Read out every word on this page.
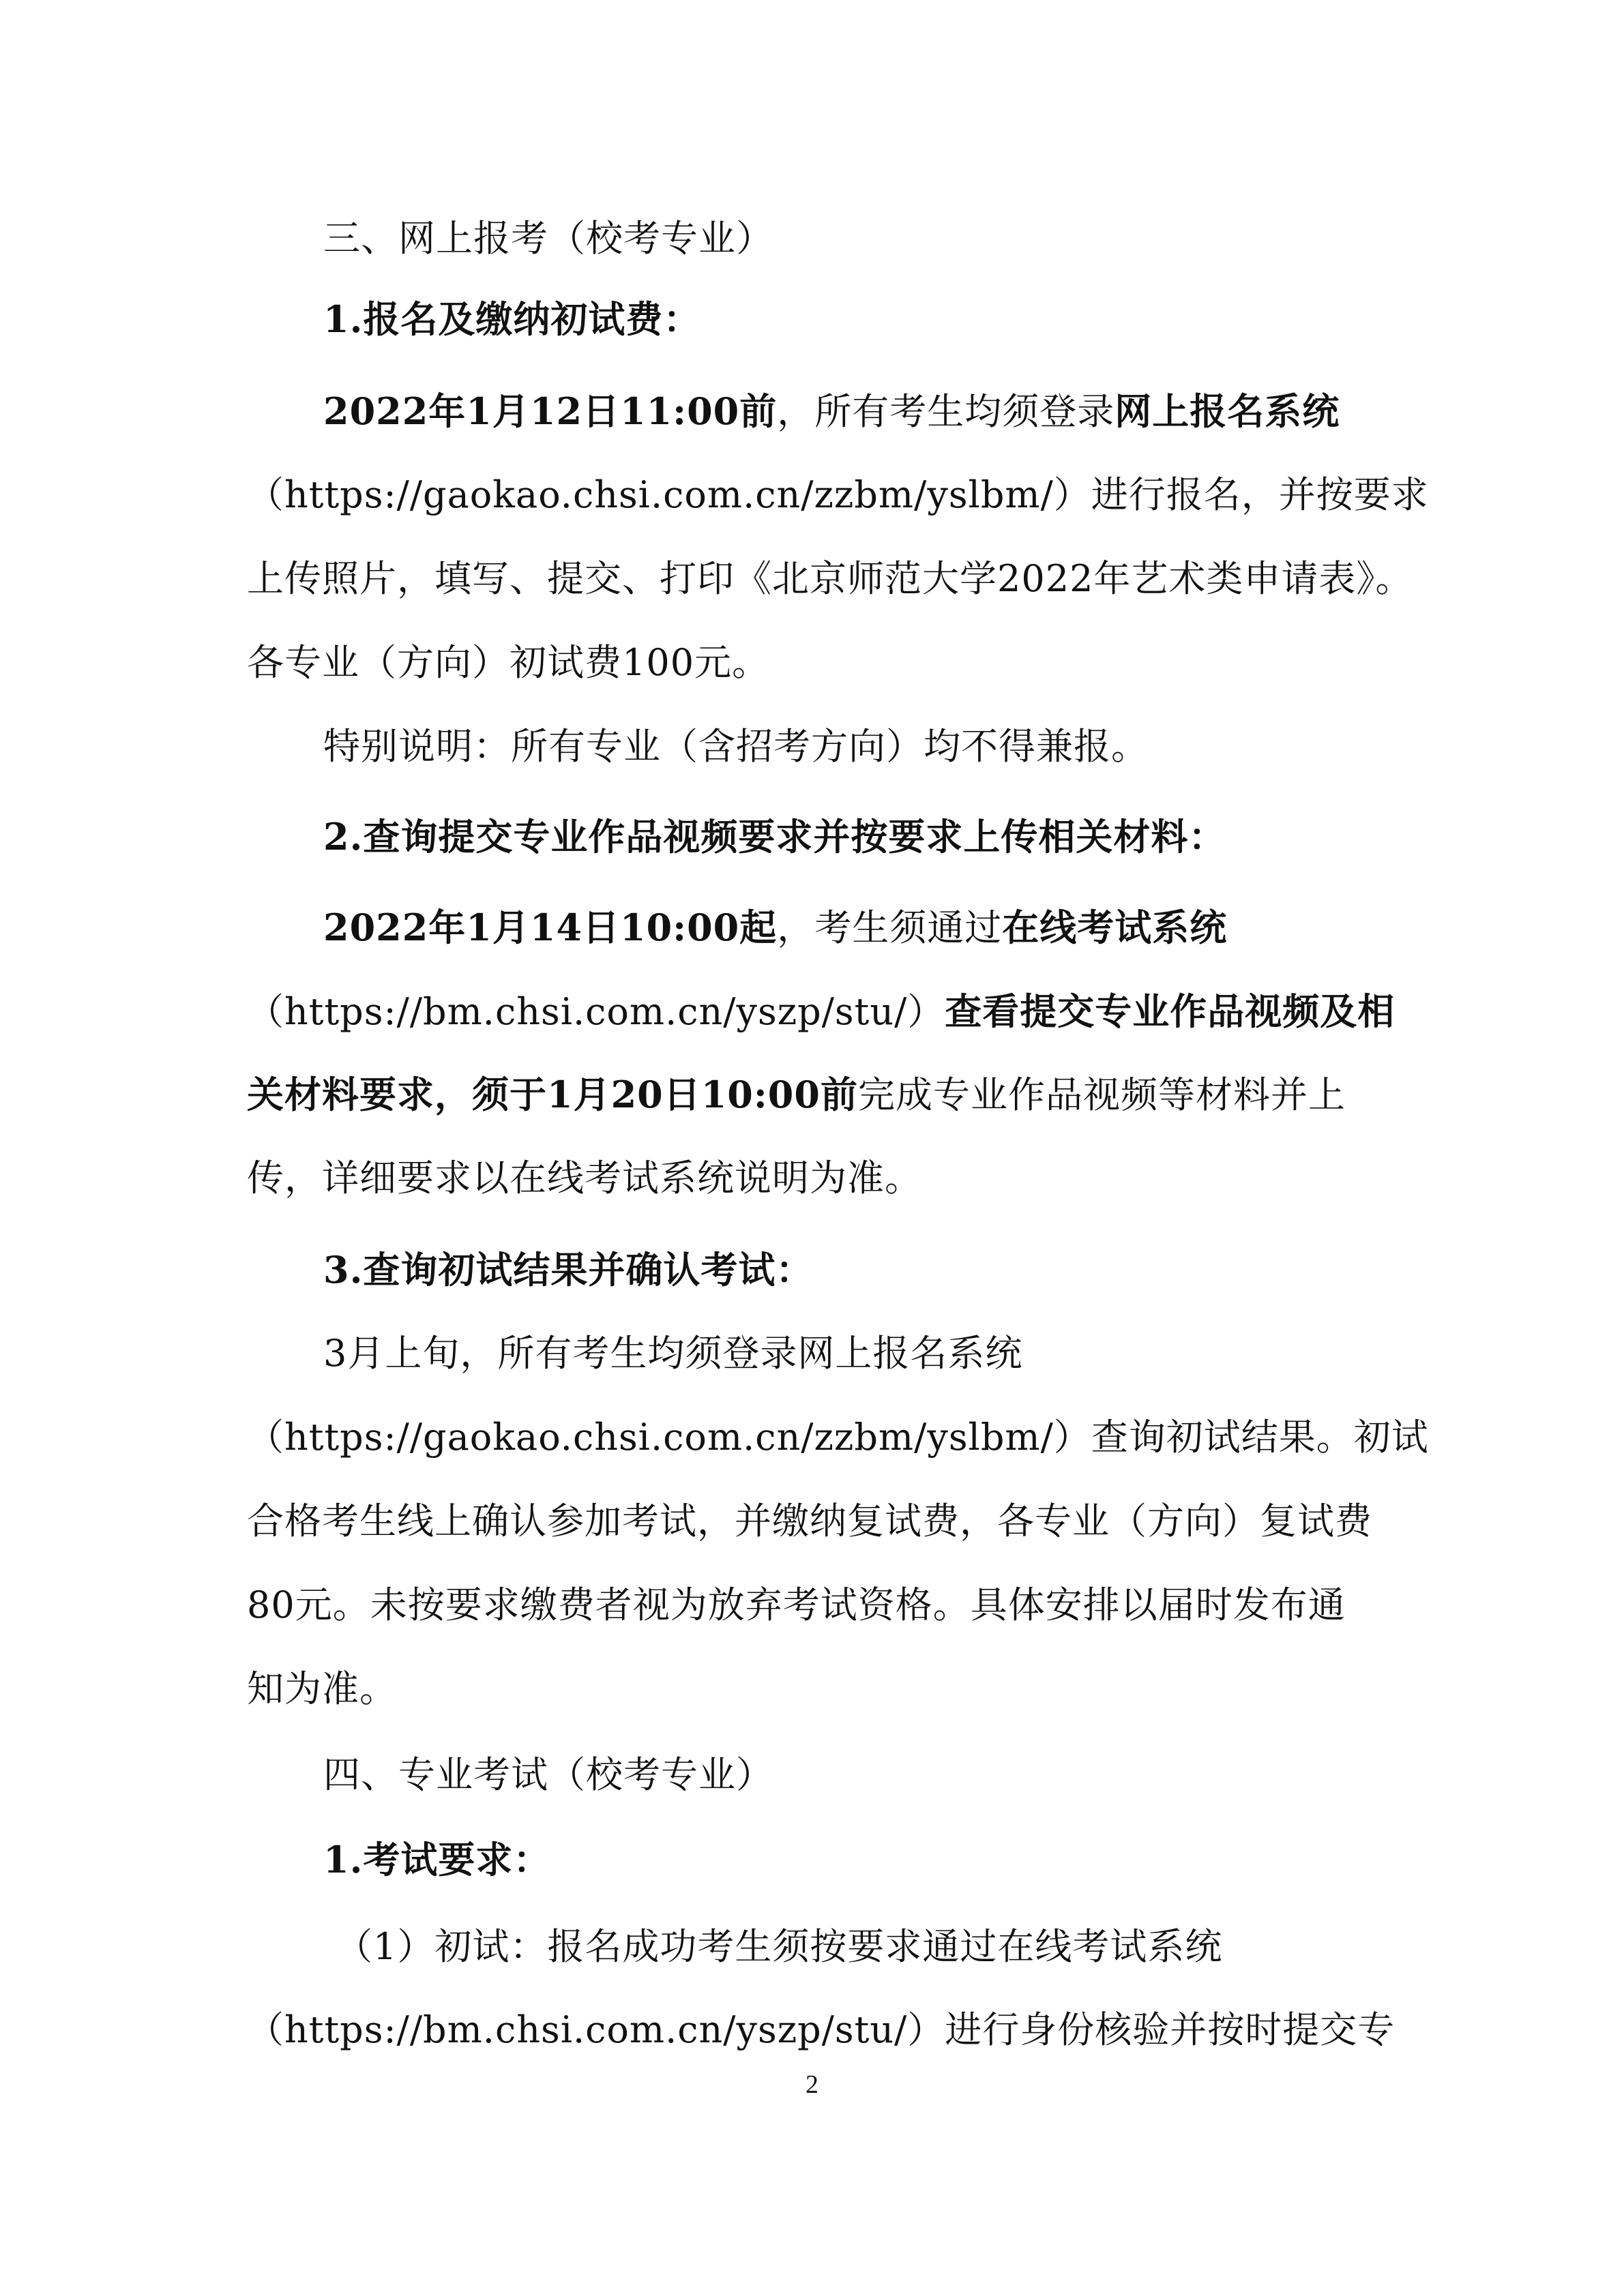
三、网上报考（校考专业）
1.报名及缴纳初试费：
2022年1月12日11:00前，所有考生均须登录网上报名系统
（https://gaokao.chsi.com.cn/zzbm/yslbm/）进行报名，并按要求
上传照片，填写、提交、打印《北京师范大学2022年艺术类申请表》。
各专业（方向）初试费100元。
特别说明：所有专业（含招考方向）均不得兼报。
2.查询提交专业作品视频要求并按要求上传相关材料：
2022年1月14日10:00起，考生须通过在线考试系统
（https://bm.chsi.com.cn/yszp/stu/）查看提交专业作品视频及相
关材料要求，须于1月20日10:00前完成专业作品视频等材料并上
传，详细要求以在线考试系统说明为准。
3.查询初试结果并确认考试：
3月上旬，所有考生均须登录网上报名系统
（https://gaokao.chsi.com.cn/zzbm/yslbm/）查询初试结果。初试
合格考生线上确认参加考试，并缴纳复试费，各专业（方向）复试费
80元。未按要求缴费者视为放弃考试资格。具体安排以届时发布通
知为准。
四、专业考试（校考专业）
1.考试要求：
（1）初试：报名成功考生须按要求通过在线考试系统
（https://bm.chsi.com.cn/yszp/stu/）进行身份核验并按时提交专
2
